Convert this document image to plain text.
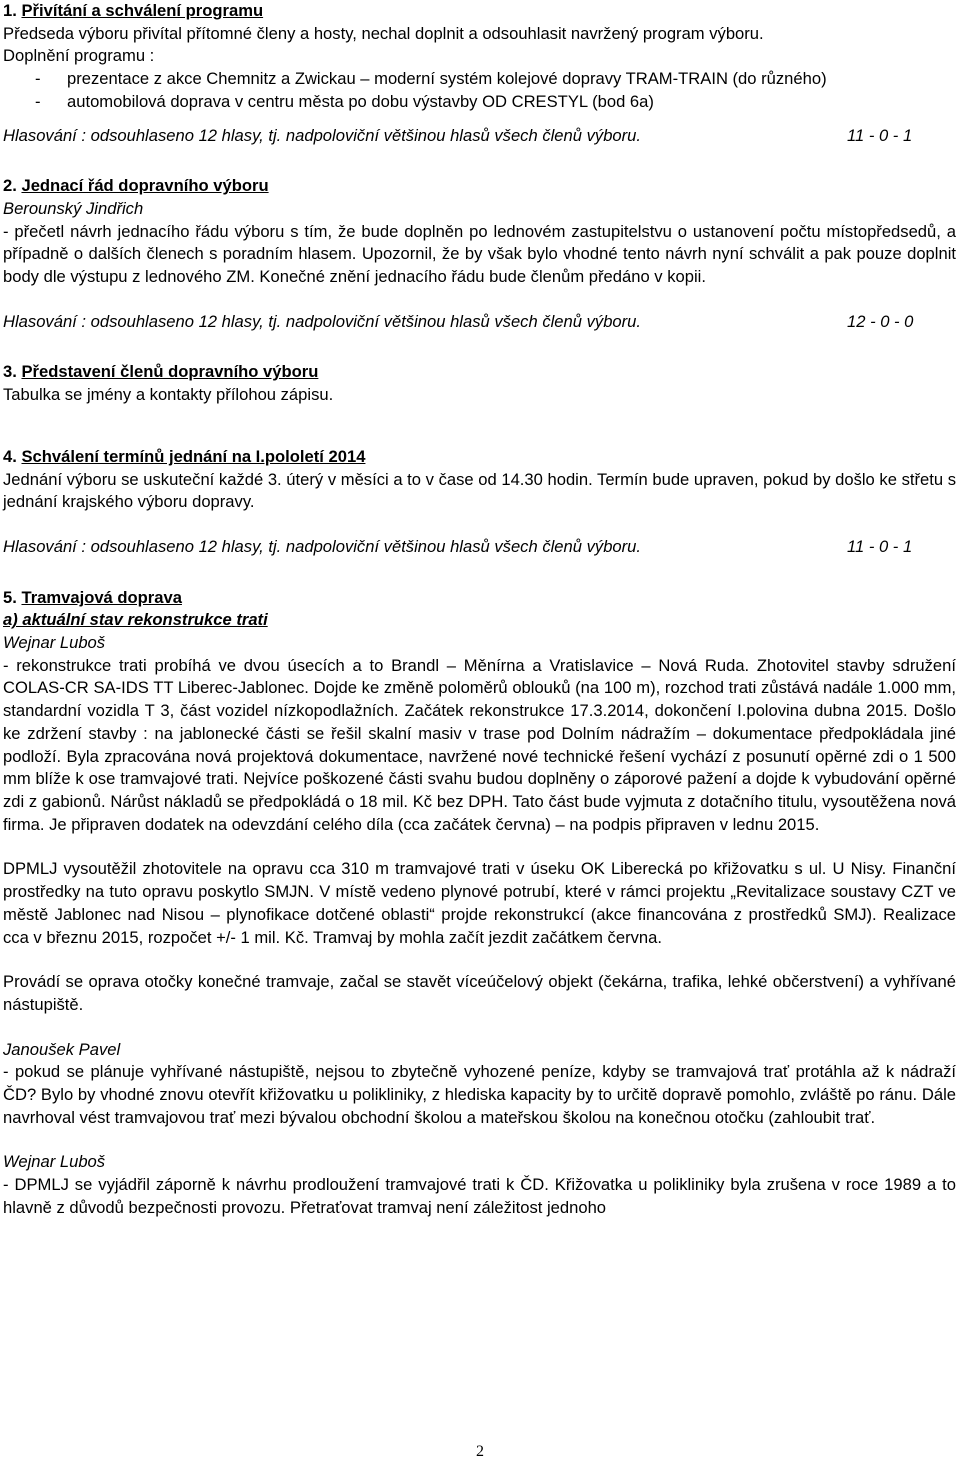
1. Přivítání a schválení programu

Předseda výboru přivítal přítomné členy a hosty, nechal doplnit a odsouhlasit navržený program výboru.

Doplnění programu :

- prezentace z akce Chemnitz a Zwickau – moderní systém kolejové dopravy TRAM-TRAIN (do různého)

- automobilová doprava v centru města po dobu výstavby OD CRESTYL (bod 6a)

Hlasování : odsouhlaseno 12 hlasy, tj. nadpoloviční většinou hlasů všech členů výboru.	11 - 0 - 1

2. Jednací řád dopravního výboru

Berounský Jindřich

- přečetl návrh jednacího řádu výboru s tím, že bude doplněn po lednovém zastupitelstvu o ustanovení počtu místopředsedů, a případně o dalších členech s poradním hlasem. Upozornil, že by však bylo vhodné tento návrh nyní schválit a pak pouze doplnit body dle výstupu z lednového ZM. Konečné znění jednacího řádu bude členům předáno v kopii.

Hlasování : odsouhlaseno 12 hlasy, tj. nadpoloviční většinou hlasů všech členů výboru.	12 - 0 - 0

3. Představení členů dopravního výboru

Tabulka se jmény a kontakty přílohou zápisu.

4. Schválení termínů jednání na I.pololetí 2014

Jednání výboru se uskuteční každé 3. úterý v měsíci a to v čase od 14.30 hodin. Termín bude upraven, pokud by došlo ke střetu s jednání krajského výboru dopravy.

Hlasování : odsouhlaseno 12 hlasy, tj. nadpoloviční většinou hlasů všech členů výboru.	11 - 0 - 1

5. Tramvajová doprava

a) aktuální stav rekonstrukce trati

Wejnar Luboš

- rekonstrukce trati probíhá ve dvou úsecích a to Brandl – Měnírna a Vratislavice – Nová Ruda. Zhotovitel stavby sdružení COLAS-CR SA-IDS TT Liberec-Jablonec. Dojde ke změně poloměrů oblouků (na 100 m), rozchod trati zůstává nadále 1.000 mm, standardní vozidla T 3, část vozidel nízkopodlažních. Začátek rekonstrukce 17.3.2014, dokončení I.polovina dubna 2015. Došlo ke zdržení stavby : na jablonecké části se řešil skalní masiv v trase pod Dolním nádražím – dokumentace předpokládala jiné podloží. Byla zpracována nová projektová dokumentace, navržené nové technické řešení vychází z posunutí opěrné zdi o 1 500 mm blíže k ose tramvajové trati. Nejvíce poškozené části svahu budou doplněny o záporové pažení a dojde k vybudování opěrné zdi z gabionů. Nárůst nákladů se předpokládá o 18 mil. Kč bez DPH. Tato část bude vyjmuta z dotačního titulu, vysoutěžena nová firma. Je připraven dodatek na odevzdání celého díla (cca začátek června) – na podpis připraven v lednu 2015.

DPMLJ vysoutěžil zhotovitele na opravu cca 310 m tramvajové trati v úseku OK Liberecká po křižovatku s ul. U Nisy. Finanční prostředky na tuto opravu poskytlo SMJN. V místě vedeno plynové potrubí, které v rámci projektu „Revitalizace soustavy CZT ve městě Jablonec nad Nisou – plynofikace dotčené oblasti“ projde rekonstrukcí (akce financována z prostředků SMJ). Realizace cca v březnu 2015, rozpočet +/- 1 mil. Kč. Tramvaj by mohla začít jezdit začátkem června.

Provádí se oprava otočky konečné tramvaje, začal se stavět víceúčelový objekt (čekárna, trafika, lehké občerstvení) a vyhřívané nástupiště.

Janoušek Pavel

- pokud se plánuje vyhřívané nástupiště, nejsou to zbytečně vyhozené peníze, kdyby se tramvajová trať protáhla až k nádraží ČD? Bylo by vhodné znovu otevřít křižovatku u polikliniky, z hlediska kapacity by to určitě dopravě pomohlo, zvláště po ránu. Dále navrhoval vést tramvajovou trať mezi bývalou obchodní školou a mateřskou školou na konečnou otočku (zahloubit trať.

Wejnar Luboš

- DPMLJ se vyjádřil záporně k návrhu prodloužení tramvajové trati k ČD. Křižovatka u polikliniky byla zrušena v roce 1989 a to hlavně z důvodů bezpečnosti provozu. Přetraťovat tramvaj není záležitost jednoho

2
